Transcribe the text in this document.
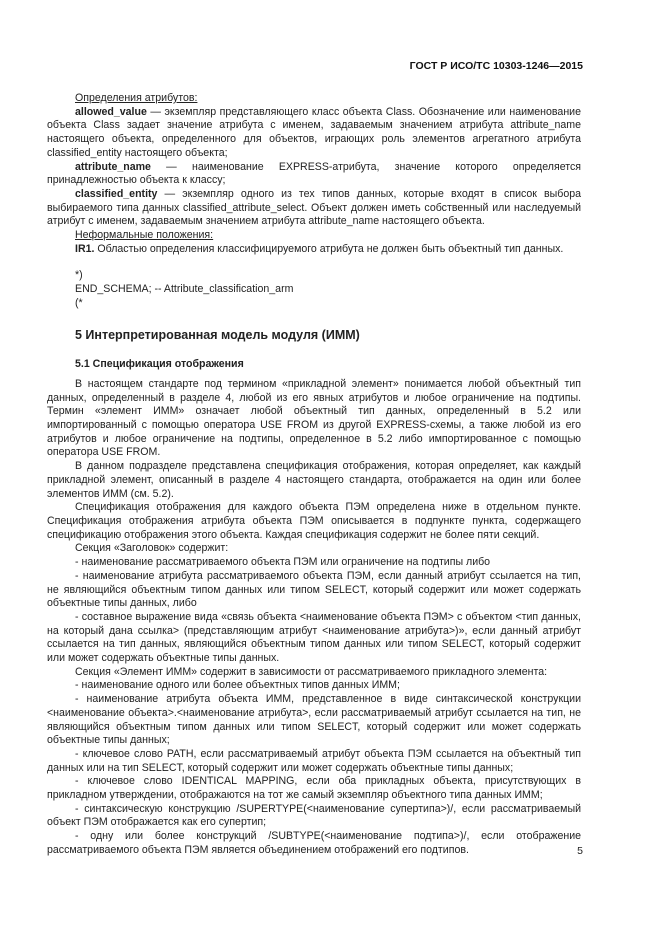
ГОСТ Р ИСО/ТС 10303-1246—2015

Определения атрибутов:

allowed_value — экземпляр представляющего класс объекта Class. Обозначение или наименование объекта Class задает значение атрибута с именем, задаваемым значением атрибута attribute_name настоящего объекта, определенного для объектов, играющих роль элементов агрегатного атрибута classified_entity настоящего объекта;

attribute_name — наименование EXPRESS-атрибута, значение которого определяется принадлежностью объекта к классу;

classified_entity — экземпляр одного из тех типов данных, которые входят в список выбора выбираемого типа данных classified_attribute_select. Объект должен иметь собственный или наследуемый атрибут с именем, задаваемым значением атрибута attribute_name настоящего объекта.

Неформальные положения:

IR1. Областью определения классифицируемого атрибута не должен быть объектный тип данных.

*)

END_SCHEMA; -- Attribute_classification_arm

(*

5 Интерпретированная модель модуля (ИММ)
5.1 Спецификация отображения

В настоящем стандарте под термином «прикладной элемент» понимается любой объектный тип данных, определенный в разделе 4, любой из его явных атрибутов и любое ограничение на подтипы. Термин «элемент ИММ» означает любой объектный тип данных, определенный в 5.2 или импортированный с помощью оператора USE FROM из другой EXPRESS-схемы, а также любой из его атрибутов и любое ограничение на подтипы, определенное в 5.2 либо импортированное с помощью оператора USE FROM.

В данном подразделе представлена спецификация отображения, которая определяет, как каждый прикладной элемент, описанный в разделе 4 настоящего стандарта, отображается на один или более элементов ИММ (см. 5.2).

Спецификация отображения для каждого объекта ПЭМ определена ниже в отдельном пункте. Спецификация отображения атрибута объекта ПЭМ описывается в подпункте пункта, содержащего спецификацию отображения этого объекта. Каждая спецификация содержит не более пяти секций.

Секция «Заголовок» содержит:

- наименование рассматриваемого объекта ПЭМ или ограничение на подтипы либо

- наименование атрибута рассматриваемого объекта ПЭМ, если данный атрибут ссылается на тип, не являющийся объектным типом данных или типом SELECT, который содержит или может содержать объектные типы данных, либо

- составное выражение вида «связь объекта <наименование объекта ПЭМ> с объектом <тип данных, на который дана ссылка> (представляющим атрибут <наименование атрибута>)», если данный атрибут ссылается на тип данных, являющийся объектным типом данных или типом SELECT, который содержит или может содержать объектные типы данных.

Секция «Элемент ИММ» содержит в зависимости от рассматриваемого прикладного элемента:

- наименование одного или более объектных типов данных ИММ;

- наименование атрибута объекта ИММ, представленное в виде синтаксической конструкции <наименование объекта>.<наименование атрибута>, если рассматриваемый атрибут ссылается на тип, не являющийся объектным типом данных или типом SELECT, который содержит или может содержать объектные типы данных;

- ключевое слово PATH, если рассматриваемый атрибут объекта ПЭМ ссылается на объектный тип данных или на тип SELECT, который содержит или может содержать объектные типы данных;

- ключевое слово IDENTICAL MAPPING, если оба прикладных объекта, присутствующих в прикладном утверждении, отображаются на тот же самый экземпляр объектного типа данных ИММ;

- синтаксическую конструкцию /SUPERTYPE(<наименование супертипа>)/, если рассматриваемый объект ПЭМ отображается как его супертип;

- одну или более конструкций /SUBTYPE(<наименование подтипа>)/, если отображение рассматриваемого объекта ПЭМ является объединением отображений его подтипов.	5
